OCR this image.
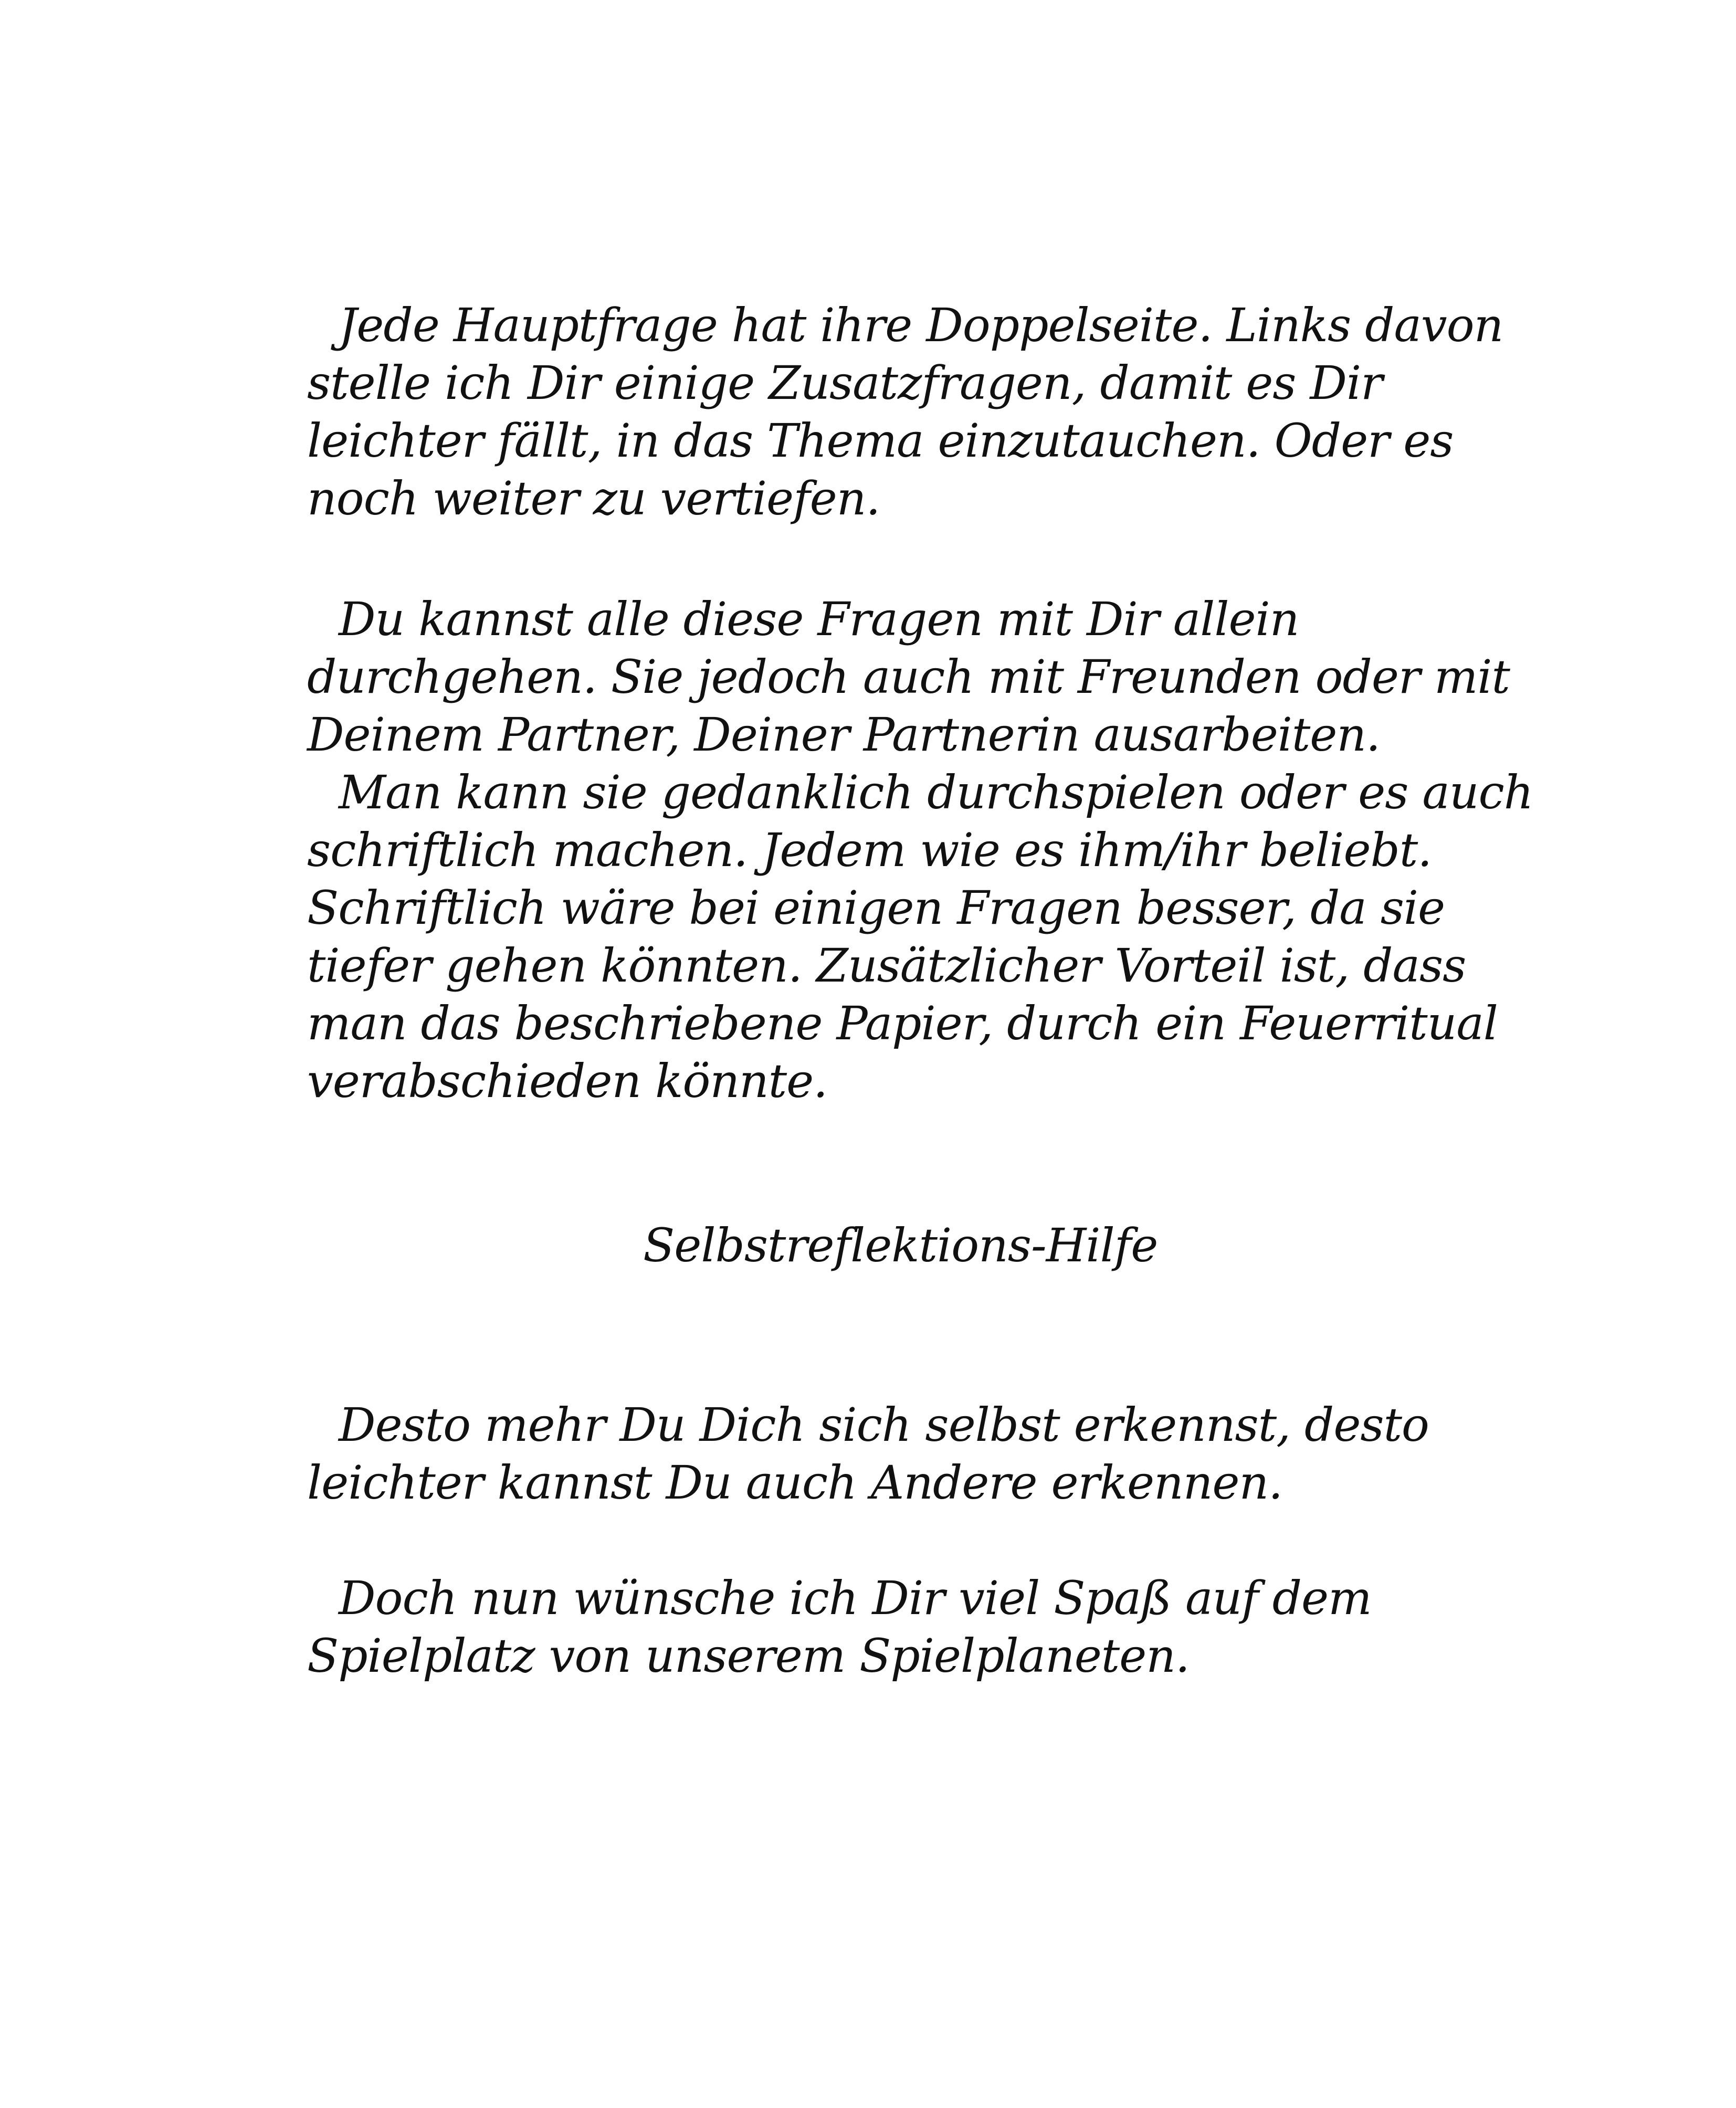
Jede Hauptfrage hat ihre Doppelseite. Links davon
stelle ich Dir einige Zusatzfragen, damit es Dir
leichter fällt, in das Thema einzutauchen. Oder es
noch weiter zu vertiefen.
Du kannst alle diese Fragen mit Dir allein
durchgehen. Sie jedoch auch mit Freunden oder mit
Deinem Partner, Deiner Partnerin ausarbeiten.
Man kann sie gedanklich durchspielen oder es auch
schriftlich machen. Jedem wie es ihm/ihr beliebt.
Schriftlich wäre bei einigen Fragen besser, da sie
tiefer gehen könnten. Zusätzlicher Vorteil ist, dass
man das beschriebene Papier, durch ein Feuerritual
verabschieden könnte.
Selbstreflektions-Hilfe
Desto mehr Du Dich sich selbst erkennst, desto
leichter kannst Du auch Andere erkennen.
Doch nun wünsche ich Dir viel Spaß auf dem
Spielplatz von unserem Spielplaneten.
